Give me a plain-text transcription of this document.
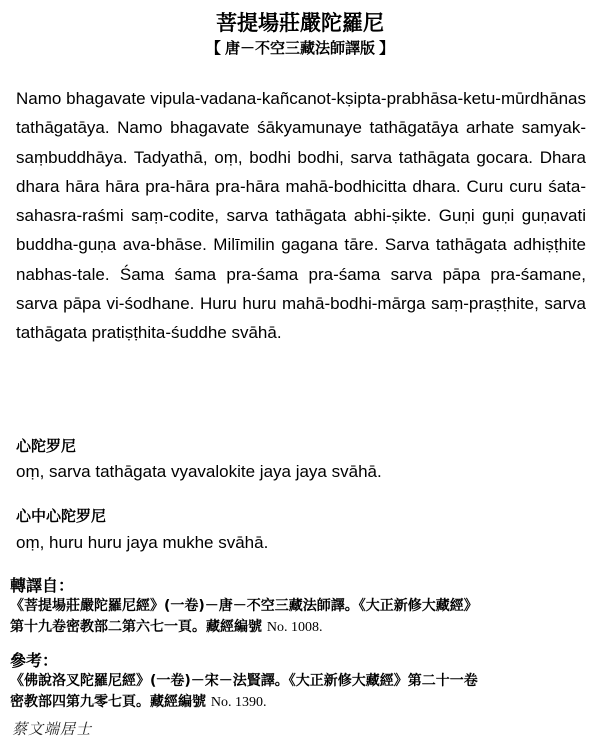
菩提場莊嚴陀羅尼
【 唐－不空三藏法師譯版 】

Namo bhagavate vipula-vadana-kañcanot-kṣipta-prabhāsa-ketu-mūrdhānas tathāgatāya. Namo bhagavate śākyamunaye tathāgatāya arhate samyak-saṃbuddhāya. Tadyathā, oṃ, bodhi bodhi, sarva tathāgata gocara. Dhara dhara hāra hāra pra-hāra pra-hāra mahā-bodhicitta dhara. Curu curu śata-sahasra-raśmi saṃ-codite, sarva tathāgata abhi-ṣikte. Guṇi guṇi guṇavati buddha-guṇa ava-bhāse. Milīmilin gagana tāre. Sarva tathāgata adhiṣṭhite nabhas-tale. Śama śama pra-śama pra-śama sarva pāpa pra-śamane, sarva pāpa vi-śodhane. Huru huru mahā-bodhi-mārga saṃ-praṣṭhite, sarva tathāgata pratiṣṭhita-śuddhe svāhā.

心陀罗尼
oṃ, sarva tathāgata vyavalokite jaya jaya svāhā.
心中心陀罗尼
oṃ, huru huru jaya mukhe svāhā.
轉譯自：
《菩提場莊嚴陀羅尼經》(一卷)－唐－不空三藏法師譯。《大正新修大藏經》
第十九卷密教部二第六七一頁。藏經編號 No. 1008.
參考：
《佛說洛叉陀羅尼經》(一卷)－宋－法賢譯。《大正新修大藏經》第二十一卷
密教部四第九零七頁。藏經編號 No. 1390.
蔡文端居士
